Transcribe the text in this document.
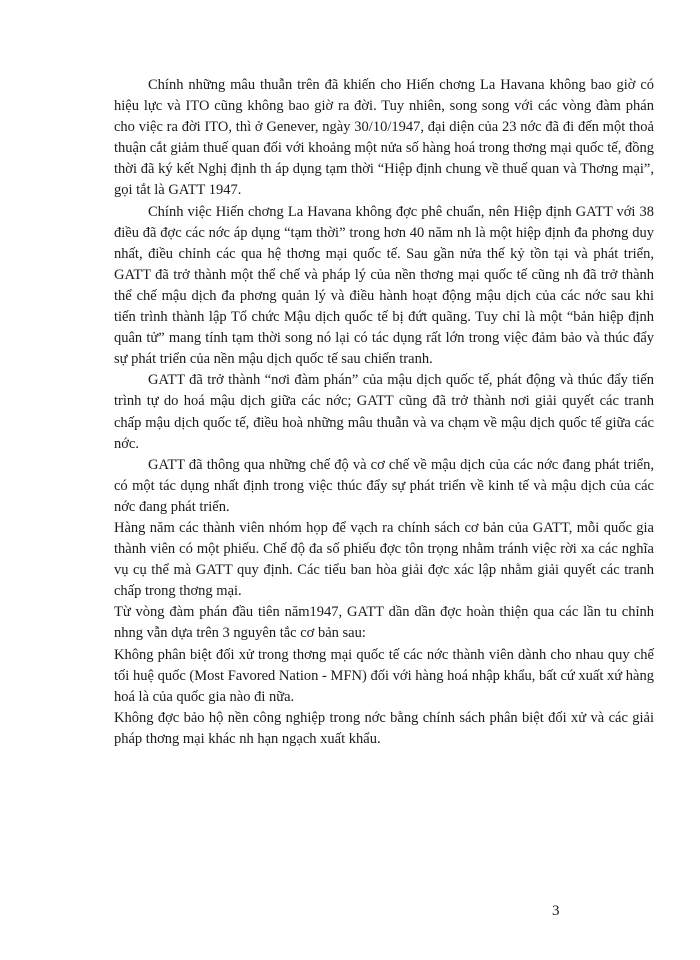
Chính những mâu thuẫn trên đã khiến cho Hiến chơng La Havana không bao giờ có hiệu lực và ITO cũng không bao giờ ra đời. Tuy nhiên, song song với các vòng đàm phán cho việc ra đời ITO, thì ở Genever, ngày 30/10/1947, đại diện của 23 nớc đã đi đến một thoả thuận cắt giảm thuế quan đối với khoảng một nửa số hàng hoá trong thơng mại quốc tế, đồng thời đã ký kết Nghị định th áp dụng tạm thời “Hiệp định chung về thuế quan và Thơng mại”, gọi tắt là GATT 1947.

Chính việc Hiến chơng La Havana không đợc phê chuẩn, nên Hiệp định GATT với 38 điều đã đợc các nớc áp dụng “tạm thời” trong hơn 40 năm nh là một hiệp định đa phơng duy nhất, điều chỉnh các qua hệ thơng mại quốc tế. Sau gần nửa thế kỷ tồn tại và phát triển, GATT đã trở thành một thể chế và pháp lý của nền thơng mại quốc tế cũng nh đã trở thành thể chế mậu dịch đa phơng quản lý và điều hành hoạt động mậu dịch của các nớc sau khi tiến trình thành lập Tổ chức Mậu dịch quốc tế bị đứt quãng. Tuy chỉ là một “bản hiệp định quân tử” mang tính tạm thời song nó lại có tác dụng rất lớn trong việc đảm bảo và thúc đẩy sự phát triển của nền mậu dịch quốc tế sau chiến tranh.

GATT đã trở thành “nơi đàm phán” của mậu dịch quốc tế, phát động và thúc đẩy tiến trình tự do hoá mậu dịch giữa các nớc; GATT cũng đã trở thành nơi giải quyết các tranh chấp mậu dịch quốc tế, điều hoà những mâu thuẫn và va chạm về mậu dịch quốc tế giữa các nớc.

GATT đã thông qua những chế độ và cơ chế về mậu dịch của các nớc đang phát triển, có một tác dụng nhất định trong việc thúc đẩy sự phát triển về kinh tế và mậu dịch của các nớc đang phát triển.

Hàng năm các thành viên nhóm họp để vạch ra chính sách cơ bản của GATT, mỗi quốc gia thành viên có một phiếu. Chế độ đa số phiếu đợc tôn trọng nhằm tránh việc rời xa các nghĩa vụ cụ thể mà GATT quy định. Các tiểu ban hòa giải đợc xác lập nhằm giải quyết các tranh chấp trong thơng mại.

Từ vòng đàm phán đầu tiên năm1947, GATT dần dần đợc hoàn thiện qua các lần tu chỉnh nhng vẫn dựa trên 3 nguyên tắc cơ bản sau:

Không phân biệt đối xử trong thơng mại quốc tế các nớc thành viên dành cho nhau quy chế tối huệ quốc (Most Favored Nation - MFN) đối với hàng hoá nhập khẩu, bất cứ xuất xứ hàng hoá là của quốc gia nào đi nữa.

Không đợc bảo hộ nền công nghiệp trong nớc bằng chính sách phân biệt đối xử và các giải pháp thơng mại khác nh hạn ngạch xuất khẩu.

3
